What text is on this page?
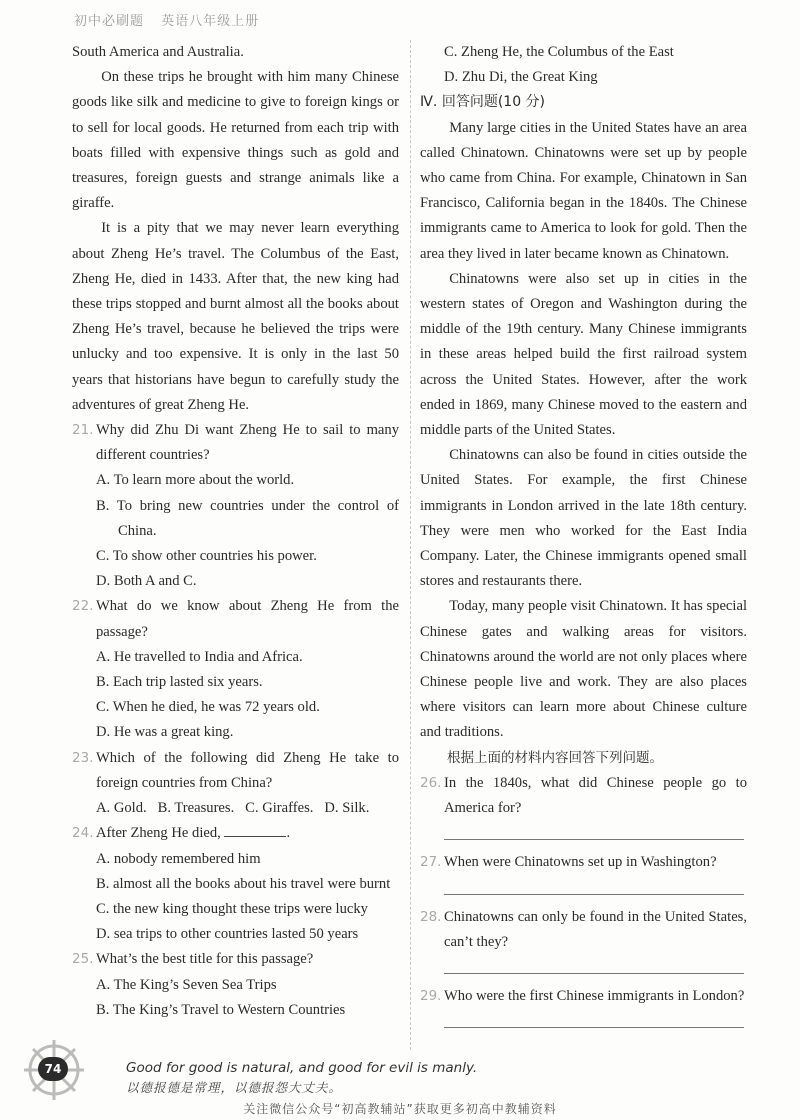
初中必刷题 英语八年级上册

South America and Australia.

On these trips he brought with him many Chinese goods like silk and medicine to give to foreign kings or to sell for local goods. He returned from each trip with boats filled with expensive things such as gold and treasures, foreign guests and strange animals like a giraffe.

It is a pity that we may never learn everything about Zheng He’s travel. The Columbus of the East, Zheng He, died in 1433. After that, the new king had these trips stopped and burnt almost all the books about Zheng He’s travel, because he believed the trips were unlucky and too expensive. It is only in the last 50 years that historians have begun to carefully study the adventures of great Zheng He.

21. Why did Zhu Di want Zheng He to sail to many different countries?

A. To learn more about the world.

B. To bring new countries under the control of China.

C. To show other countries his power.

D. Both A and C.

22. What do we know about Zheng He from the passage?

A. He travelled to India and Africa.

B. Each trip lasted six years.

C. When he died, he was 72 years old.

D. He was a great king.

23. Which of the following did Zheng He take to foreign countries from China?

A. Gold.   B. Treasures.   C. Giraffes.   D. Silk.

24. After Zheng He died,	.

A. nobody remembered him

B. almost all the books about his travel were burnt

C. the new king thought these trips were lucky

D. sea trips to other countries lasted 50 years

25. What’s the best title for this passage?

A. The King’s Seven Sea Trips

B. The King’s Travel to Western Countries

C. Zheng He, the Columbus of the East

D. Zhu Di, the Great King

Ⅳ. 回答问题(10 分)

Many large cities in the United States have an area called Chinatown. Chinatowns were set up by people who came from China. For example, Chinatown in San Francisco, California began in the 1840s. The Chinese immigrants came to America to look for gold. Then the area they lived in later became known as Chinatown.

Chinatowns were also set up in cities in the western states of Oregon and Washington during the middle of the 19th century. Many Chinese immigrants in these areas helped build the first railroad system across the United States. However, after the work ended in 1869, many Chinese moved to the eastern and middle parts of the United States.

Chinatowns can also be found in cities outside the United States. For example, the first Chinese immigrants in London arrived in the late 18th century. They were men who worked for the East India Company. Later, the Chinese immigrants opened small stores and restaurants there.

Today, many people visit Chinatown. It has special Chinese gates and walking areas for visitors. Chinatowns around the world are not only places where Chinese people live and work. They are also places where visitors can learn more about Chinese culture and traditions.

根据上面的材料内容回答下列问题。

26. In the 1840s, what did Chinese people go to America for?

27. When were Chinatowns set up in Washington?

28. Chinatowns can only be found in the United States, can’t they?

29. Who were the first Chinese immigrants in London?

74	Good for good is natural, and good for evil is manly.
以德报德是常理，以德报怨大丈夫。
关注微信公众号“初高教辅站”获取更多初高中教辅资料
